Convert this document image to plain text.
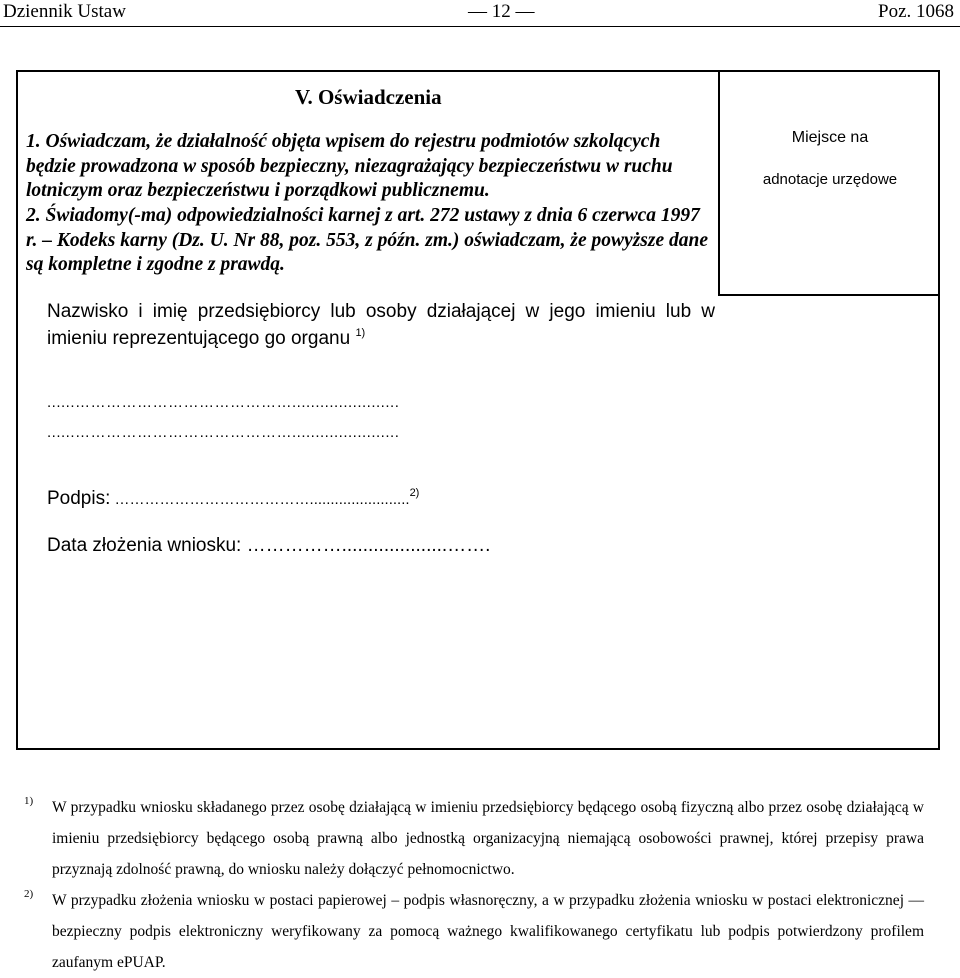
Dziennik Ustaw	— 12 —	Poz. 1068
Miejsce na
adnotacje urzędowe
V. Oświadczenia
1. Oświadczam, że działalność objęta wpisem do rejestru podmiotów szkolących będzie prowadzona w sposób bezpieczny, niezagrażający bezpieczeństwu w ruchu lotniczym oraz bezpieczeństwu i porządkowi publicznemu.
2. Świadomy(-ma) odpowiedzialności karnej z art. 272 ustawy z dnia 6 czerwca 1997 r. – Kodeks karny (Dz. U. Nr 88, poz. 553, z późn. zm.) oświadczam, że powyższe dane są kompletne i zgodne z prawdą.
Nazwisko i imię przedsiębiorcy lub osoby działającej w jego imieniu lub w imieniu reprezentującego go organu $^{1)}$
......…………………………………….......................
......…………………………………….......................
Podpis: …………………………………........................$^{2)}$
Data złożenia wniosku: ……………....................…….
1) W przypadku wniosku składanego przez osobę działającą w imieniu przedsiębiorcy będącego osobą fizyczną albo przez osobę działającą w imieniu przedsiębiorcy będącego osobą prawną albo jednostką organizacyjną niemającą osobowości prawnej, której przepisy prawa przyznają zdolność prawną, do wniosku należy dołączyć pełnomocnictwo.
2) W przypadku złożenia wniosku w postaci papierowej – podpis własnoręczny, a w przypadku złożenia wniosku w postaci elektronicznej — bezpieczny podpis elektroniczny weryfikowany za pomocą ważnego kwalifikowanego certyfikatu lub podpis potwierdzony profilem zaufanym ePUAP.
